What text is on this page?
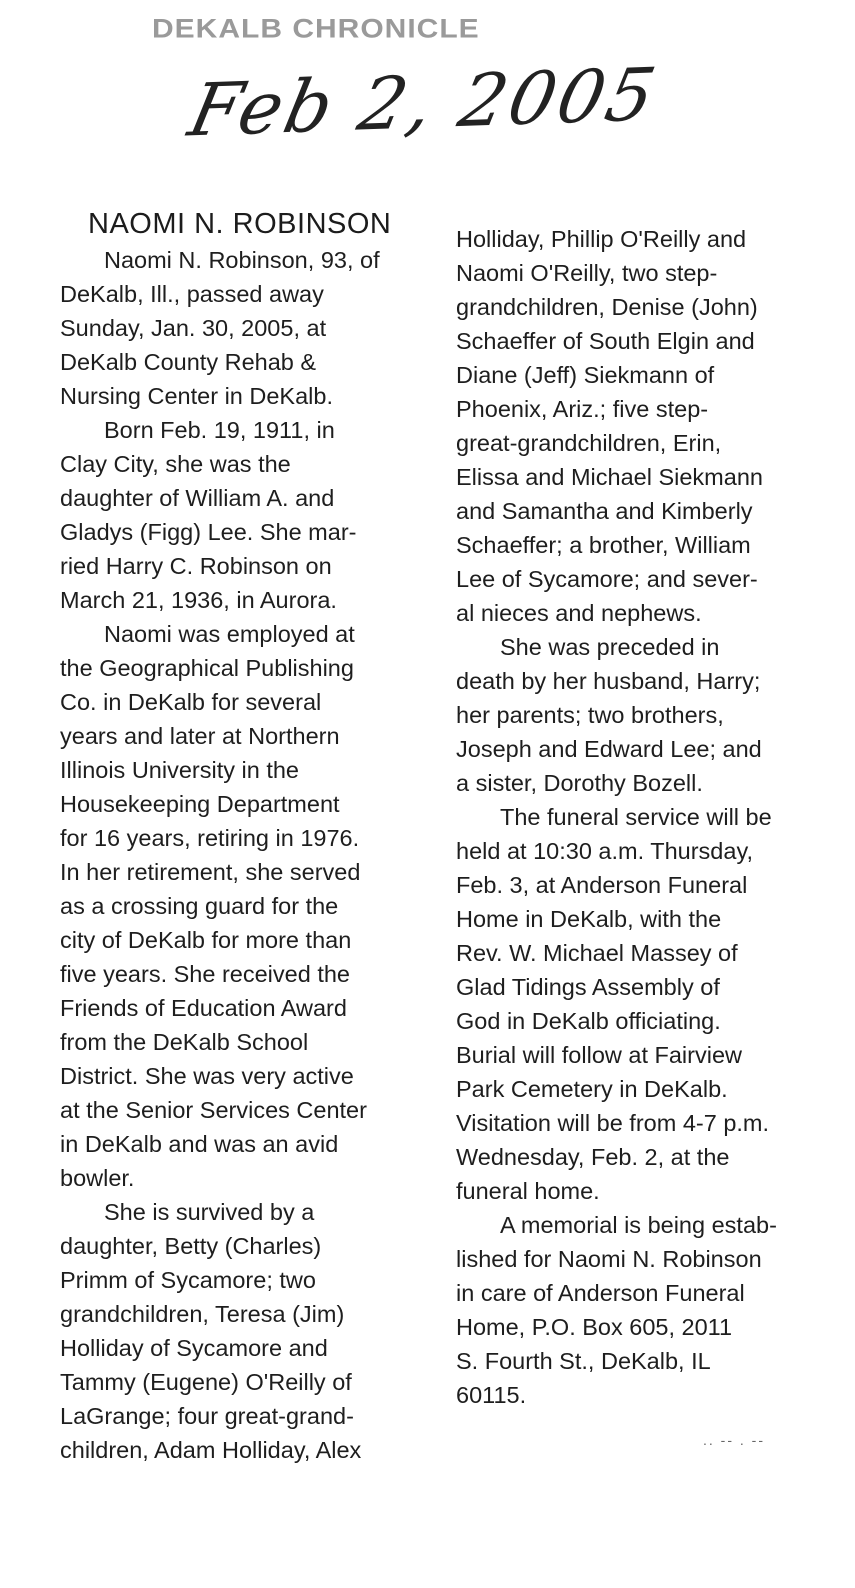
DEKALB CHRONICLE
Feb 2, 2005
NAOMI N. ROBINSON
Naomi N. Robinson, 93, of
DeKalb, Ill., passed away
Sunday, Jan. 30, 2005, at
DeKalb County Rehab &
Nursing Center in DeKalb.
Born Feb. 19, 1911, in
Clay City, she was the
daughter of William A. and
Gladys (Figg) Lee. She mar-
ried Harry C. Robinson on
March 21, 1936, in Aurora.
Naomi was employed at
the Geographical Publishing
Co. in DeKalb for several
years and later at Northern
Illinois University in the
Housekeeping Department
for 16 years, retiring in 1976.
In her retirement, she served
as a crossing guard for the
city of DeKalb for more than
five years. She received the
Friends of Education Award
from the DeKalb School
District. She was very active
at the Senior Services Center
in DeKalb and was an avid
bowler.
She is survived by a
daughter, Betty (Charles)
Primm of Sycamore; two
grandchildren, Teresa (Jim)
Holliday of Sycamore and
Tammy (Eugene) O'Reilly of
LaGrange; four great-grand-
children, Adam Holliday, Alex
Holliday, Phillip O'Reilly and
Naomi O'Reilly, two step-
grandchildren, Denise (John)
Schaeffer of South Elgin and
Diane (Jeff) Siekmann of
Phoenix, Ariz.; five step-
great-grandchildren, Erin,
Elissa and Michael Siekmann
and Samantha and Kimberly
Schaeffer; a brother, William
Lee of Sycamore; and sever-
al nieces and nephews.
She was preceded in
death by her husband, Harry;
her parents; two brothers,
Joseph and Edward Lee; and
a sister, Dorothy Bozell.
The funeral service will be
held at 10:30 a.m. Thursday,
Feb. 3, at Anderson Funeral
Home in DeKalb, with the
Rev. W. Michael Massey of
Glad Tidings Assembly of
God in DeKalb officiating.
Burial will follow at Fairview
Park Cemetery in DeKalb.
Visitation will be from 4-7 p.m.
Wednesday, Feb. 2, at the
funeral home.
A memorial is being estab-
lished for Naomi N. Robinson
in care of Anderson Funeral
Home, P.O. Box 605, 2011
S. Fourth St., DeKalb, IL
60115.
.. -- . --
